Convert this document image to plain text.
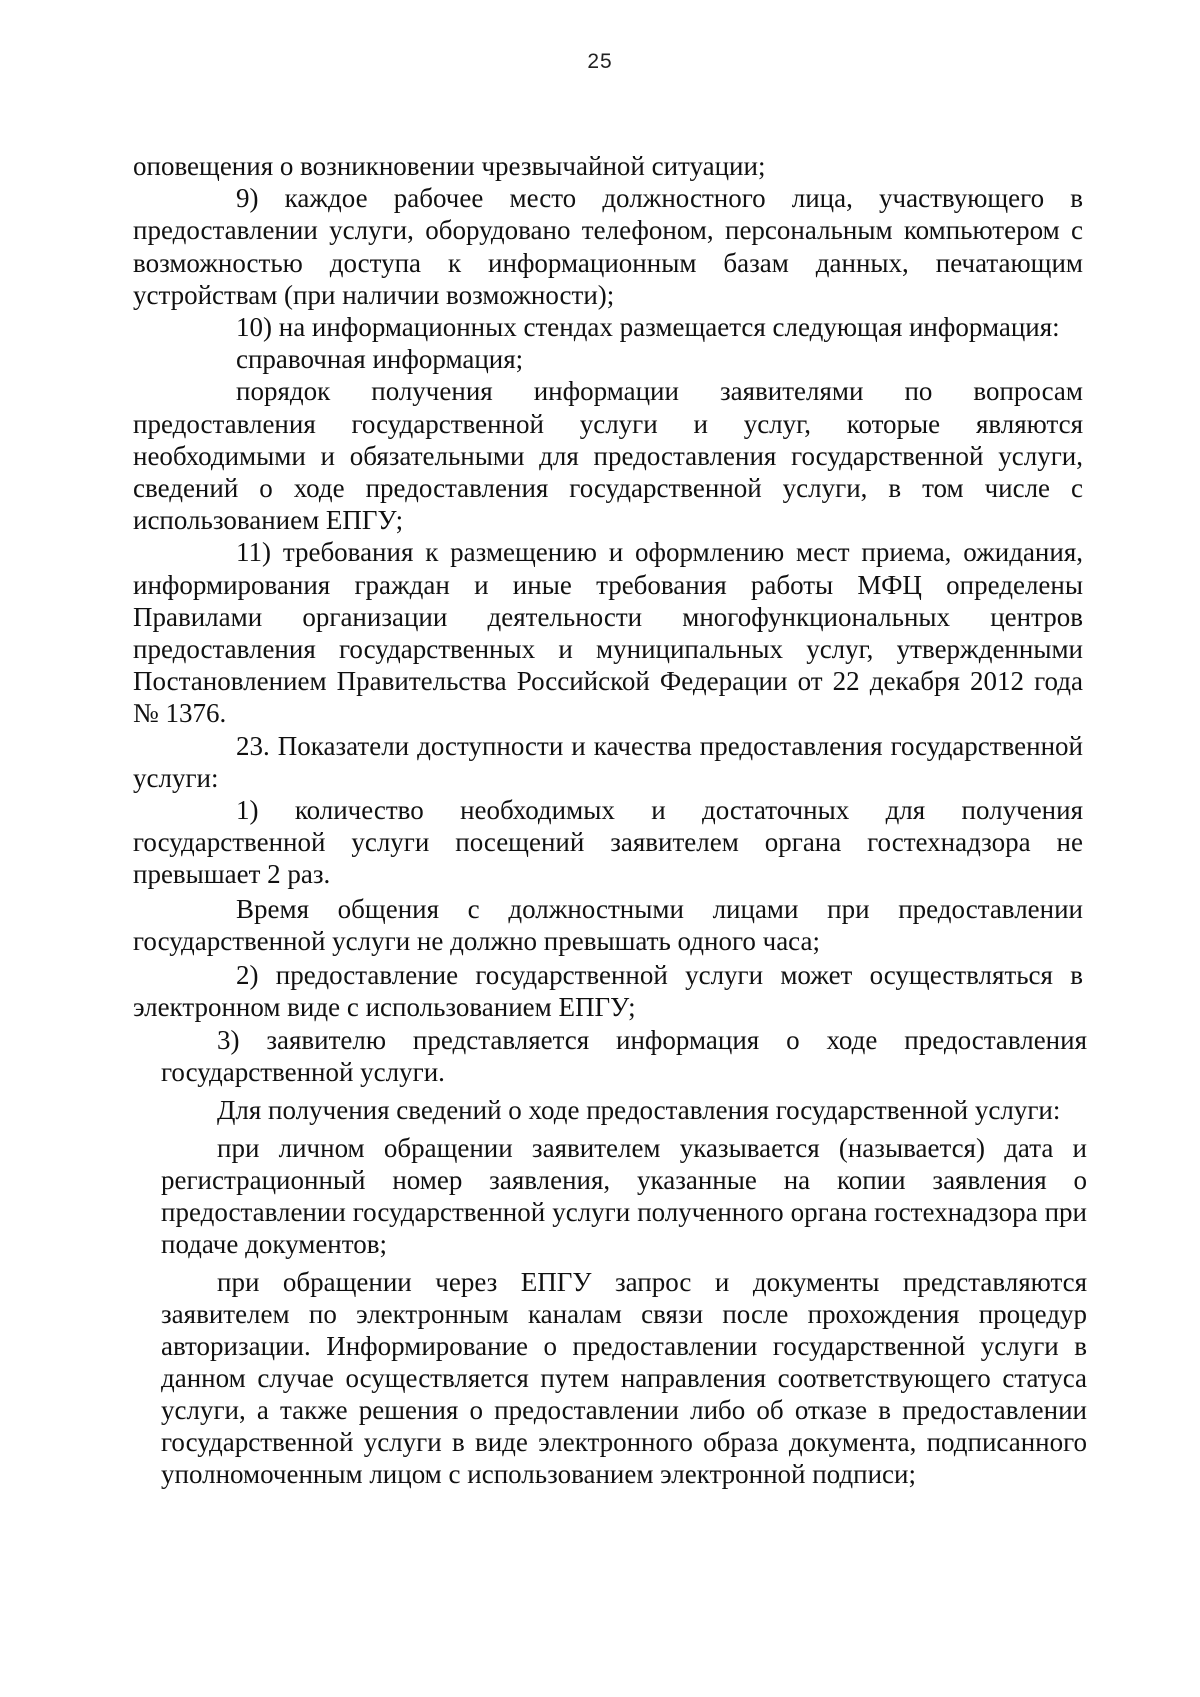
25

оповещения о возникновении чрезвычайной ситуации;

9) каждое рабочее место должностного лица, участвующего в предоставлении услуги, оборудовано телефоном, персональным компьютером с возможностью доступа к информационным базам данных, печатающим устройствам (при наличии возможности);

10) на информационных стендах размещается следующая информация:

справочная информация;

порядок получения информации заявителями по вопросам предоставления государственной услуги и услуг, которые являются необходимыми и обязательными для предоставления государственной услуги, сведений о ходе предоставления государственной услуги, в том числе с использованием ЕПГУ;

11) требования к размещению и оформлению мест приема, ожидания, информирования граждан и иные требования работы МФЦ определены Правилами организации деятельности многофункциональных центров предоставления государственных и муниципальных услуг, утвержденными Постановлением Правительства Российской Федерации от 22 декабря 2012 года № 1376.

23. Показатели доступности и качества предоставления государственной услуги:

1) количество необходимых и достаточных для получения государственной услуги посещений заявителем органа гостехнадзора не превышает 2 раз.

Время общения с должностными лицами при предоставлении государственной услуги не должно превышать одного часа;

2) предоставление государственной услуги может осуществляться в электронном виде с использованием ЕПГУ;

3) заявителю представляется информация о ходе предоставления государственной услуги.

Для получения сведений о ходе предоставления государственной услуги:

при личном обращении заявителем указывается (называется) дата и регистрационный номер заявления, указанные на копии заявления о предоставлении государственной услуги полученного органа гостехнадзора при подаче документов;

при обращении через ЕПГУ запрос и документы представляются заявителем по электронным каналам связи после прохождения процедур авторизации. Информирование о предоставлении государственной услуги в данном случае осуществляется путем направления соответствующего статуса услуги, а также решения о предоставлении либо об отказе в предоставлении государственной услуги в виде электронного образа документа, подписанного уполномоченным лицом с использованием электронной подписи;
